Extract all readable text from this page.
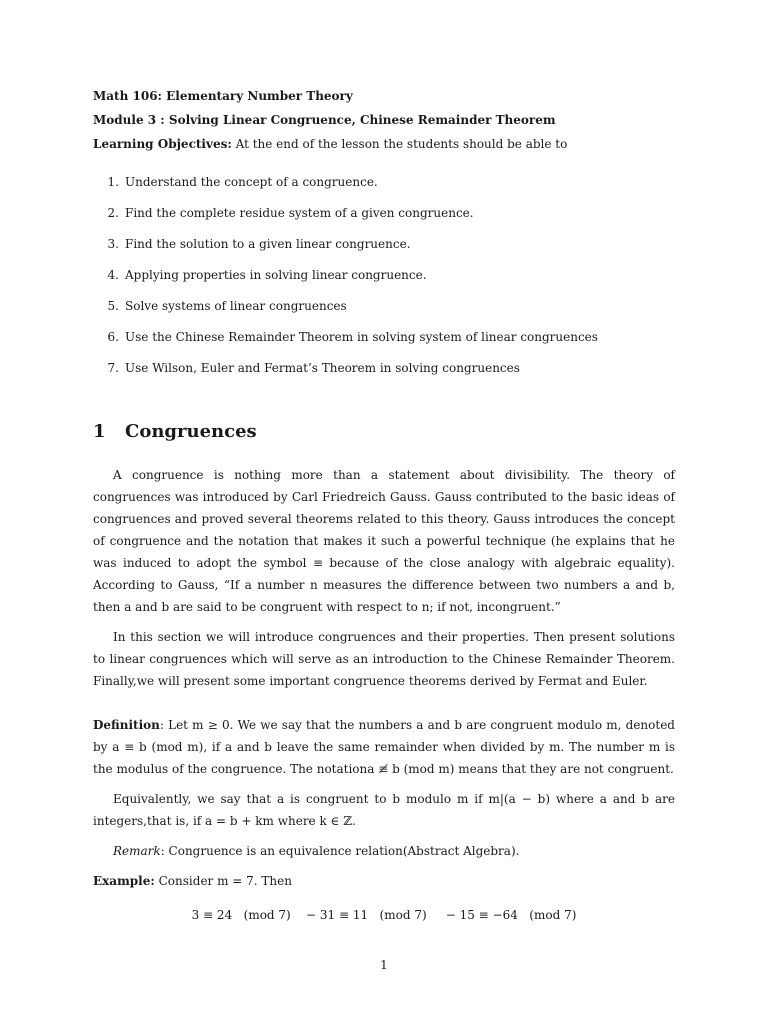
Math 106: Elementary Number Theory
Module 3 : Solving Linear Congruence, Chinese Remainder Theorem
Learning Objectives: At the end of the lesson the students should be able to
1. Understand the concept of a congruence.
2. Find the complete residue system of a given congruence.
3. Find the solution to a given linear congruence.
4. Applying properties in solving linear congruence.
5. Solve systems of linear congruences
6. Use the Chinese Remainder Theorem in solving system of linear congruences
7. Use Wilson, Euler and Fermat’s Theorem in solving congruences
1	Congruences

A congruence is nothing more than a statement about divisibility. The theory of congruences was introduced by Carl Friedreich Gauss. Gauss contributed to the basic ideas of congruences and proved several theorems related to this theory. Gauss introduces the concept of congruence and the notation that makes it such a powerful technique (he explains that he was induced to adopt the symbol ≡ because of the close analogy with algebraic equality). According to Gauss, “If a number n measures the difference between two numbers a and b, then a and b are said to be congruent with respect to n; if not, incongruent.”

In this section we will introduce congruences and their properties. Then present solutions to linear congruences which will serve as an introduction to the Chinese Remainder Theorem. Finally,we will present some important congruence theorems derived by Fermat and Euler.

Definition: Let m ≥ 0. We we say that the numbers a and b are congruent modulo m, denoted by a ≡ b (mod m), if a and b leave the same remainder when divided by m. The number m is the modulus of the congruence. The notationa ≢ b (mod m) means that they are not congruent.

Equivalently, we say that a is congruent to b modulo m if m|(a − b) where a and b are integers,that is, if a = b + km where k ∈ ℤ.

Remark: Congruence is an equivalence relation(Abstract Algebra).

Example: Consider m = 7. Then

3 ≡ 24   (mod 7)    − 31 ≡ 11   (mod 7)     − 15 ≡ −64   (mod 7)
1
